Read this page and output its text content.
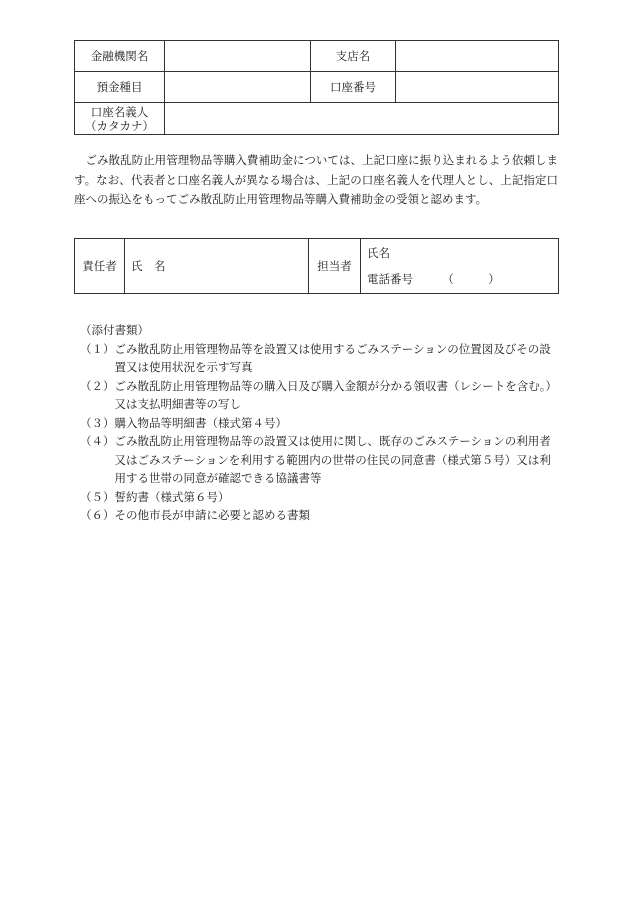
金融機関名		支店名	
預金種目		口座番号	

口座名義人
（カタカナ）			

ごみ散乱防止用管理物品等購入費補助金については、上記口座に振り込まれるよう依頼します。なお、代表者と口座名義人が異なる場合は、上記の口座名義人を代理人とし、上記指定口座への振込をもってごみ散乱防止用管理物品等購入費補助金の受領と認めます。

責任者	氏　名	担当者	
氏名
電話番号	（　　　）
（添付書類）
（１） ごみ散乱防止用管理物品等を設置又は使用するごみステーションの位置図及びその設置又は使用状況を示す写真
（２） ごみ散乱防止用管理物品等の購入日及び購入金額が分かる領収書（レシートを含む。）又は支払明細書等の写し
（３） 購入物品等明細書（様式第４号）
（４） ごみ散乱防止用管理物品等の設置又は使用に関し、既存のごみステーションの利用者又はごみステーションを利用する範囲内の世帯の住民の同意書（様式第５号）又は利用する世帯の同意が確認できる協議書等
（５） 誓約書（様式第６号）
（６） その他市長が申請に必要と認める書類
